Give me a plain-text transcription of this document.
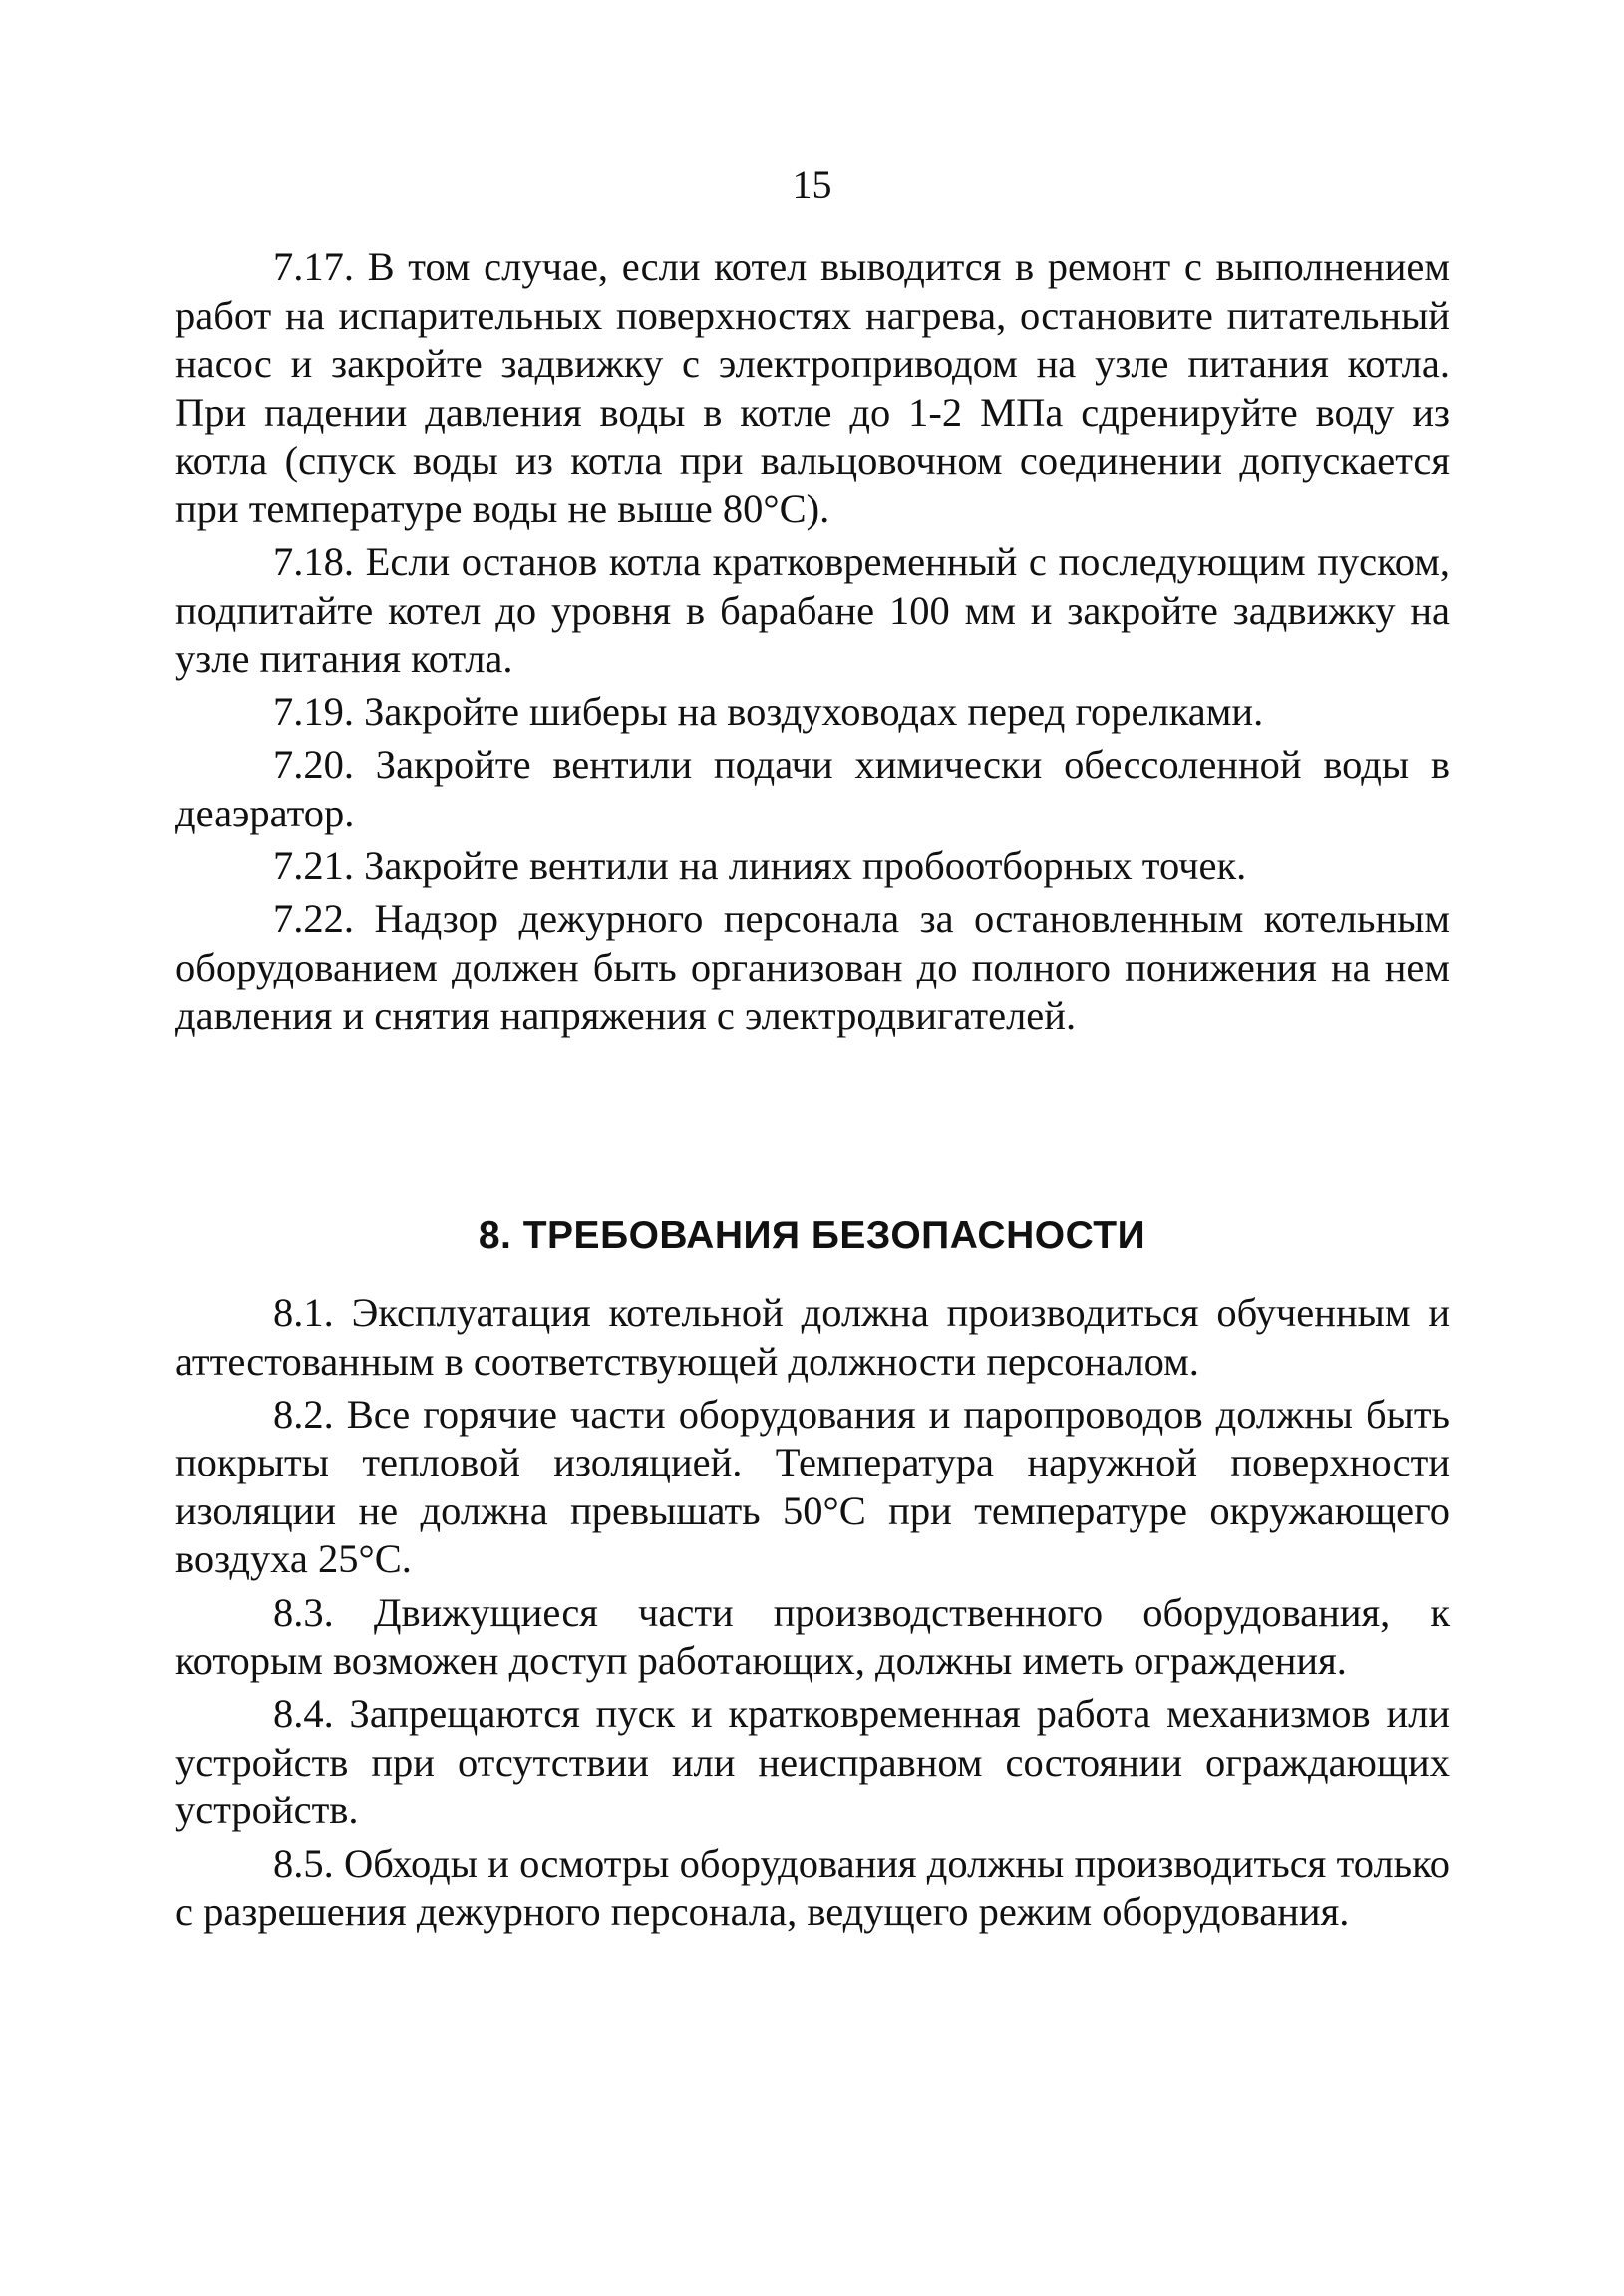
15

7.17. В том случае, если котел выводится в ремонт с выполнением работ на испарительных поверхностях нагрева, остановите питательный насос и закройте задвижку с электроприводом на узле питания котла. При падении давления воды в котле до 1-2 МПа сдренируйте воду из котла (спуск воды из котла при вальцовочном соединении допускается при температуре воды не выше 80°С).

7.18. Если останов котла кратковременный с последующим пуском, подпитайте котел до уровня в барабане 100 мм и закройте задвижку на узле питания котла.

7.19. Закройте шиберы на воздуховодах перед горелками.

7.20. Закройте вентили подачи химически обессоленной воды в деаэратор.

7.21. Закройте вентили на линиях пробоотборных точек.

7.22. Надзор дежурного персонала за остановленным котельным оборудованием должен быть организован до полного понижения на нем давления и снятия напряжения с электродвигателей.

8. ТРЕБОВАНИЯ БЕЗОПАСНОСТИ

8.1. Эксплуатация котельной должна производиться обученным и аттестованным в соответствующей должности персоналом.

8.2. Все горячие части оборудования и паропроводов должны быть покрыты тепловой изоляцией. Температура наружной поверхности изоляции не должна превышать 50°С при температуре окружающего воздуха 25°С.

8.3. Движущиеся части производственного оборудования, к которым возможен доступ работающих, должны иметь ограждения.

8.4. Запрещаются пуск и кратковременная работа механизмов или устройств при отсутствии или неисправном состоянии ограждающих устройств.

8.5. Обходы и осмотры оборудования должны производиться только с разрешения дежурного персонала, ведущего режим оборудования.
